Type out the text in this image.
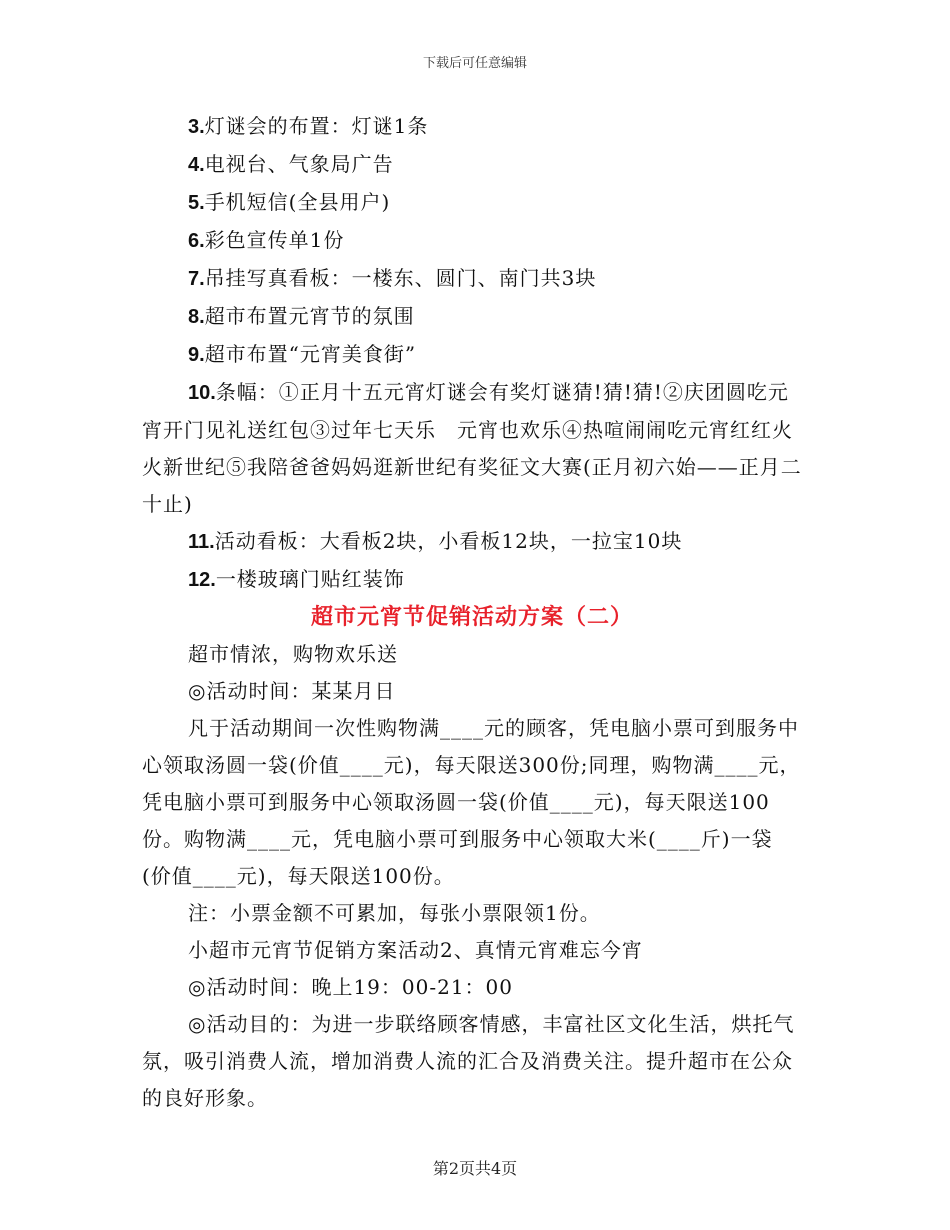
下载后可任意编辑

3.灯谜会的布置：灯谜1条

4.电视台、气象局广告

5.手机短信(全县用户)

6.彩色宣传单1份

7.吊挂写真看板：一楼东、圆门、南门共3块

8.超市布置元宵节的氛围

9.超市布置“元宵美食街”

10.条幅：①正月十五元宵灯谜会有奖灯谜猜!猜!猜!②庆团圆吃元宵开门见礼送红包③过年七天乐　元宵也欢乐④热喧闹闹吃元宵红红火火新世纪⑤我陪爸爸妈妈逛新世纪有奖征文大赛(正月初六始——正月二十止)

11.活动看板：大看板2块，小看板12块，一拉宝10块

12.一楼玻璃门贴红装饰

超市元宵节促销活动方案（二）

超市情浓，购物欢乐送

◎活动时间：某某月日

凡于活动期间一次性购物满____元的顾客，凭电脑小票可到服务中心领取汤圆一袋(价值____元)，每天限送300份;同理，购物满____元，凭电脑小票可到服务中心领取汤圆一袋(价值____元)，每天限送100份。购物满____元，凭电脑小票可到服务中心领取大米(____斤)一袋(价值____元)，每天限送100份。

注：小票金额不可累加，每张小票限领1份。

小超市元宵节促销方案活动2、真情元宵难忘今宵

◎活动时间：晚上19：00-21：00

◎活动目的：为进一步联络顾客情感，丰富社区文化生活，烘托气氛，吸引消费人流，增加消费人流的汇合及消费关注。提升超市在公众的良好形象。

第2页共4页
